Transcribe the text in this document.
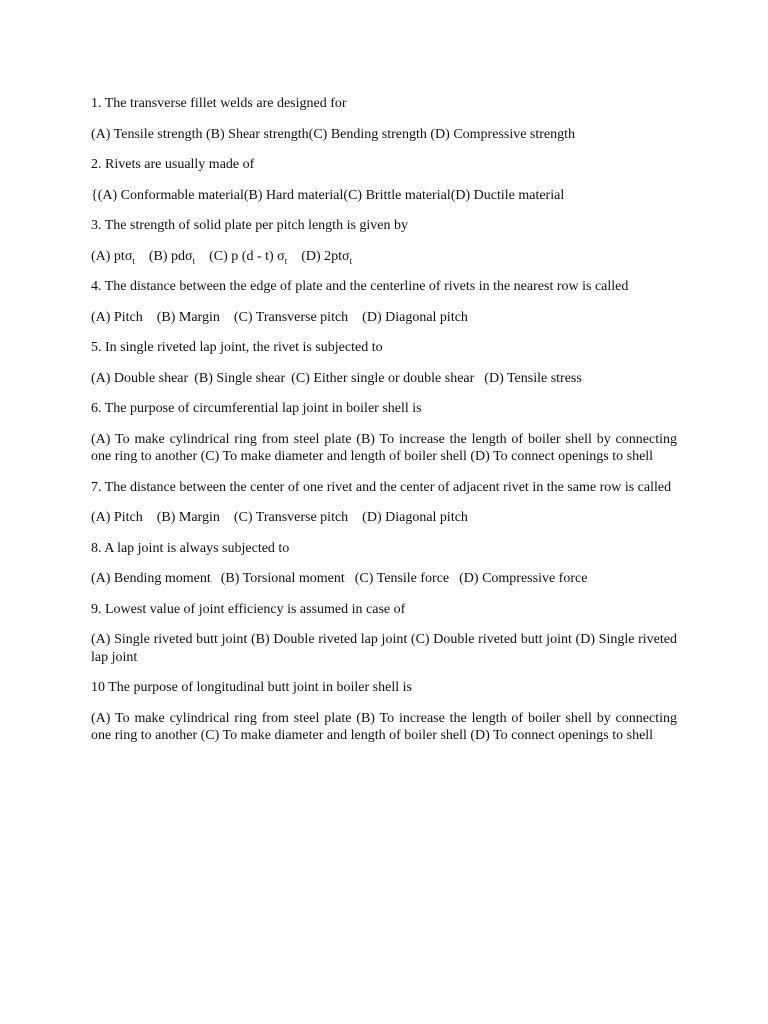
1. The transverse fillet welds are designed for

(A) Tensile strength (B) Shear strength(C) Bending strength (D) Compressive strength

2. Rivets are usually made of

{(A) Conformable material(B) Hard material(C) Brittle material(D) Ductile material

3. The strength of solid plate per pitch length is given by

(A) ptσ$_t$ (B) pdσ$_t$ (C) p (d - t) $\sigma_t$ (D) 2ptσ$_t$

4. The distance between the edge of plate and the centerline of rivets in the nearest row is called

(A) Pitch (B) Margin (C) Transverse pitch (D) Diagonal pitch

5. In single riveted lap joint, the rivet is subjected to

(A) Double shear (B) Single shear (C) Either single or double shear (D) Tensile stress

6. The purpose of circumferential lap joint in boiler shell is

(A) To make cylindrical ring from steel plate (B) To increase the length of boiler shell by connecting one ring to another (C) To make diameter and length of boiler shell (D) To connect openings to shell

7. The distance between the center of one rivet and the center of adjacent rivet in the same row is called

(A) Pitch (B) Margin (C) Transverse pitch (D) Diagonal pitch

8. A lap joint is always subjected to

(A) Bending moment (B) Torsional moment (C) Tensile force (D) Compressive force

9. Lowest value of joint efficiency is assumed in case of

(A) Single riveted butt joint (B) Double riveted lap joint (C) Double riveted butt joint (D) Single riveted lap joint

10 The purpose of longitudinal butt joint in boiler shell is

(A) To make cylindrical ring from steel plate (B) To increase the length of boiler shell by connecting one ring to another (C) To make diameter and length of boiler shell (D) To connect openings to shell
